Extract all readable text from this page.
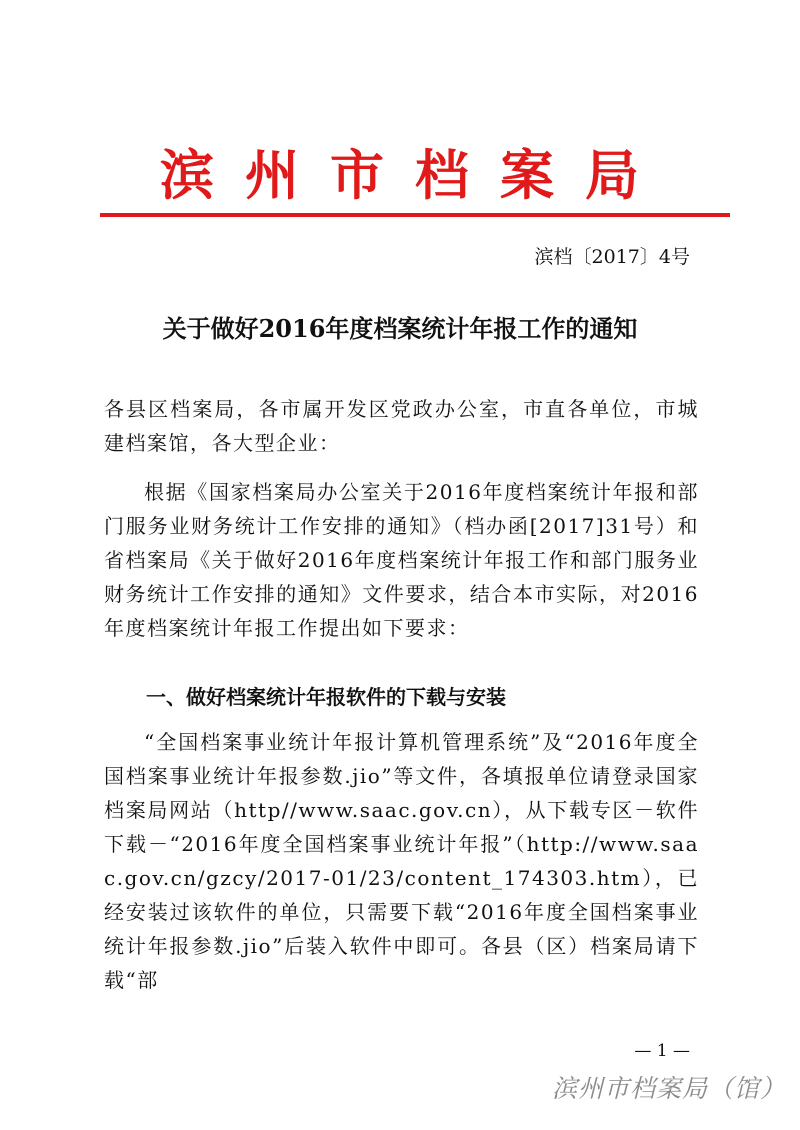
滨州市档案局
滨档〔2017〕4号
关于做好2016年度档案统计年报工作的通知

各县区档案局，各市属开发区党政办公室，市直各单位，市城建档案馆，各大型企业：

根据《国家档案局办公室关于2016年度档案统计年报和部门服务业财务统计工作安排的通知》（档办函[2017]31号）和省档案局《关于做好2016年度档案统计年报工作和部门服务业财务统计工作安排的通知》文件要求，结合本市实际，对2016年度档案统计年报工作提出如下要求：

一、做好档案统计年报软件的下载与安装

“全国档案事业统计年报计算机管理系统”及“2016年度全国档案事业统计年报参数.jio”等文件，各填报单位请登录国家档案局网站（http//www.saac.gov.cn），从下载专区－软件下载－“2016年度全国档案事业统计年报”（http://www.saac.gov.cn/gzcy/2017-01/23/content_174303.htm），已经安装过该软件的单位，只需要下载“2016年度全国档案事业统计年报参数.jio”后装入软件中即可。各县（区）档案局请下载“部

— 1 —
滨州市档案局（馆）
